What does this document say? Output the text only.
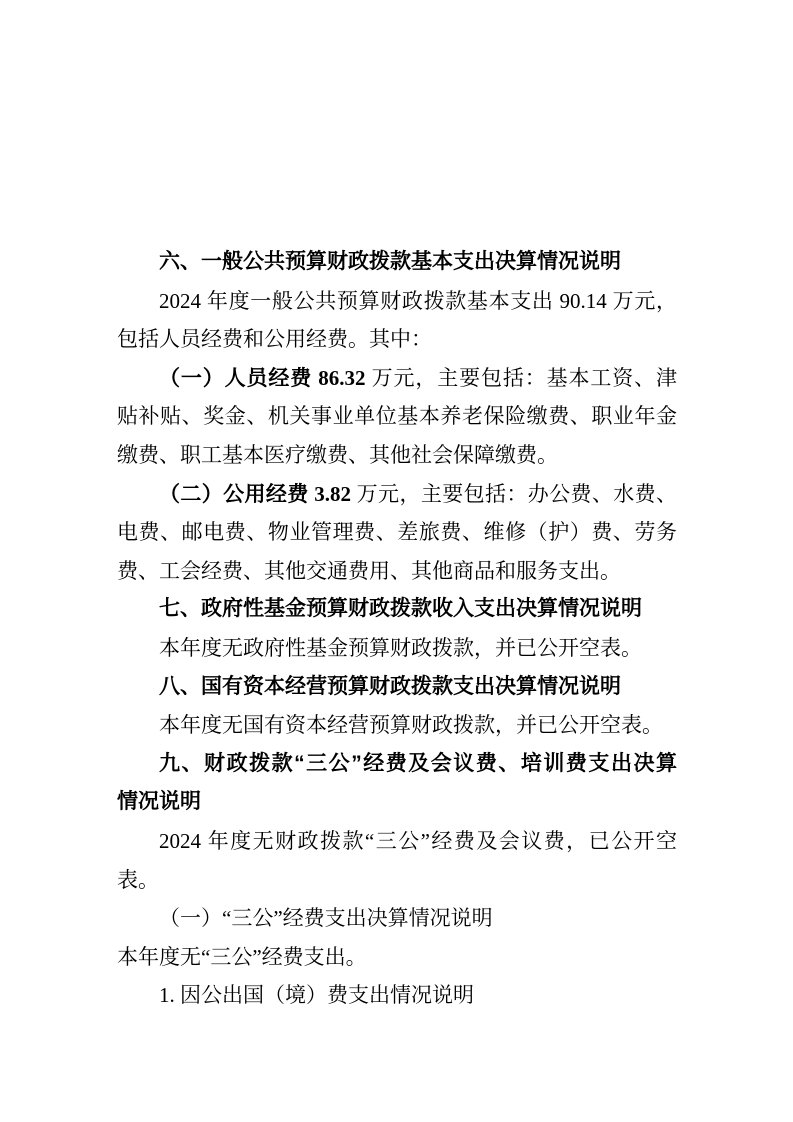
六、一般公共预算财政拨款基本支出决算情况说明
2024 年度一般公共预算财政拨款基本支出 90.14 万元，
包括人员经费和公用经费。其中：
（一）人员经费 86.32 万元，主要包括：基本工资、津
贴补贴、奖金、机关事业单位基本养老保险缴费、职业年金
缴费、职工基本医疗缴费、其他社会保障缴费。
（二）公用经费 3.82 万元，主要包括：办公费、水费、
电费、邮电费、物业管理费、差旅费、维修（护）费、劳务
费、工会经费、其他交通费用、其他商品和服务支出。
七、政府性基金预算财政拨款收入支出决算情况说明
本年度无政府性基金预算财政拨款，并已公开空表。
八、国有资本经营预算财政拨款支出决算情况说明
本年度无国有资本经营预算财政拨款，并已公开空表。
九、财政拨款“三公”经费及会议费、培训费支出决算
情况说明
2024 年度无财政拨款“三公”经费及会议费，已公开空
表。
（一）“三公”经费支出决算情况说明
本年度无“三公”经费支出。
1. 因公出国（境）费支出情况说明
